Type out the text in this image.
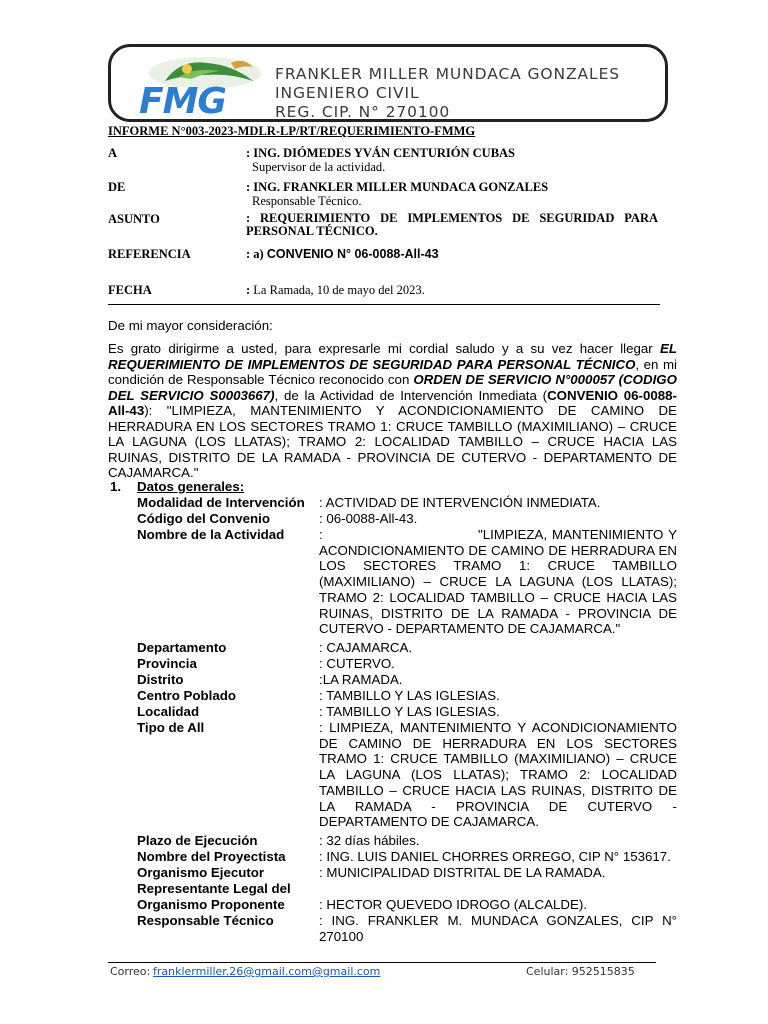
FMG
FRANKLER MILLER MUNDACA GONZALES
INGENIERO CIVIL
REG. CIP. N° 270100
INFORME N°003-2023-MDLR-LP/RT/REQUERIMIENTO-FMMG
A	: ING. DIÓMEDES YVÁN CENTURIÓN CUBAS
Supervisor de la actividad.
DE	: ING. FRANKLER MILLER MUNDACA GONZALES
Responsable Técnico.
ASUNTO	: REQUERIMIENTO DE IMPLEMENTOS DE SEGURIDAD PARA PERSONAL TÉCNICO.
REFERENCIA	: a) CONVENIO N° 06-0088-All-43
FECHA	: La Ramada, 10 de mayo del 2023.
De mi mayor consideración:
Es grato dirigirme a usted, para expresarle mi cordial saludo y a su vez hacer llegar EL REQUERIMIENTO DE IMPLEMENTOS DE SEGURIDAD PARA PERSONAL TÉCNICO, en mi condición de Responsable Técnico reconocido con ORDEN DE SERVICIO N°000057 (CODIGO DEL SERVICIO S0003667), de la Actividad de Intervención Inmediata (CONVENIO 06-0088-All-43): "LIMPIEZA, MANTENIMIENTO Y ACONDICIONAMIENTO DE CAMINO DE HERRADURA EN LOS SECTORES TRAMO 1: CRUCE TAMBILLO (MAXIMILIANO) – CRUCE LA LAGUNA (LOS LLATAS); TRAMO 2: LOCALIDAD TAMBILLO – CRUCE HACIA LAS RUINAS, DISTRITO DE LA RAMADA - PROVINCIA DE CUTERVO - DEPARTAMENTO DE CAJAMARCA."
1. Datos generales:
Modalidad de Intervención	: ACTIVIDAD DE INTERVENCIÓN INMEDIATA.
Código del Convenio	: 06-0088-All-43.
Nombre de la Actividad	:                               "LIMPIEZA, MANTENIMIENTO Y ACONDICIONAMIENTO DE CAMINO DE HERRADURA EN LOS SECTORES TRAMO 1: CRUCE TAMBILLO (MAXIMILIANO) – CRUCE LA LAGUNA (LOS LLATAS); TRAMO 2: LOCALIDAD TAMBILLO – CRUCE HACIA LAS RUINAS, DISTRITO DE LA RAMADA - PROVINCIA DE CUTERVO - DEPARTAMENTO DE CAJAMARCA."
Departamento	: CAJAMARCA.
Provincia	: CUTERVO.
Distrito	:LA RAMADA.
Centro Poblado	: TAMBILLO Y LAS IGLESIAS.
Localidad	: TAMBILLO Y LAS IGLESIAS.
Tipo de All	: LIMPIEZA, MANTENIMIENTO Y ACONDICIONAMIENTO DE CAMINO DE HERRADURA EN LOS SECTORES TRAMO 1: CRUCE TAMBILLO (MAXIMILIANO) – CRUCE LA LAGUNA (LOS LLATAS); TRAMO 2: LOCALIDAD TAMBILLO – CRUCE HACIA LAS RUINAS, DISTRITO DE LA RAMADA - PROVINCIA DE CUTERVO - DEPARTAMENTO DE CAJAMARCA.
Plazo de Ejecución	: 32 días hábiles.
Nombre del Proyectista	: ING. LUIS DANIEL CHORRES ORREGO, CIP N° 153617.
Organismo Ejecutor	: MUNICIPALIDAD DISTRITAL DE LA RAMADA.
Representante Legal del Organismo Proponente	: HECTOR QUEVEDO IDROGO (ALCALDE).
Responsable Técnico	: ING. FRANKLER M. MUNDACA GONZALES, CIP N° 270100
Correo: franklermiller.26@gmail.com@gmail.com	Celular: 952515835
